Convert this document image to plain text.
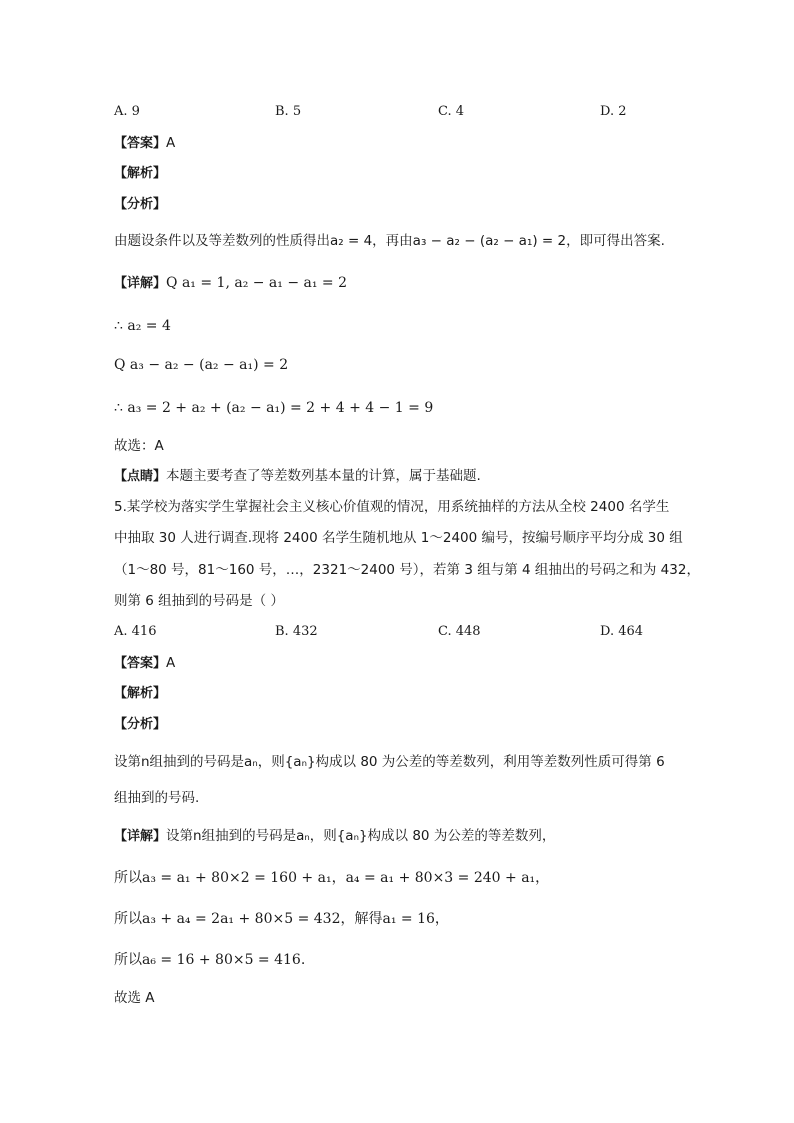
A. 9	B. 5	C. 4	D. 2
【答案】A
【解析】
【分析】
由题设条件以及等差数列的性质得出a₂ = 4，再由a₃ − a₂ − (a₂ − a₁) = 2，即可得出答案.
【详解】Q a₁ = 1, a₂ − a₁ − a₁ = 2
∴ a₂ = 4
Q a₃ − a₂ − (a₂ − a₁) = 2
∴ a₃ = 2 + a₂ + (a₂ − a₁) = 2 + 4 + 4 − 1 = 9
故选：A
【点睛】本题主要考查了等差数列基本量的计算，属于基础题.
5.某学校为落实学生掌握社会主义核心价值观的情况，用系统抽样的方法从全校 2400 名学生
中抽取 30 人进行调查.现将 2400 名学生随机地从 1～2400 编号，按编号顺序平均分成 30 组
（1～80 号，81～160 号，…，2321～2400 号），若第 3 组与第 4 组抽出的号码之和为 432，
则第 6 组抽到的号码是（ ）
A. 416	B. 432	C. 448	D. 464
【答案】A
【解析】
【分析】
设第n组抽到的号码是aₙ，则{aₙ}构成以 80 为公差的等差数列，利用等差数列性质可得第 6
组抽到的号码.
【详解】设第n组抽到的号码是aₙ，则{aₙ}构成以 80 为公差的等差数列，
所以a₃ = a₁ + 80×2 = 160 + a₁，a₄ = a₁ + 80×3 = 240 + a₁，
所以a₃ + a₄ = 2a₁ + 80×5 = 432，解得a₁ = 16，
所以a₆ = 16 + 80×5 = 416.
故选 A
